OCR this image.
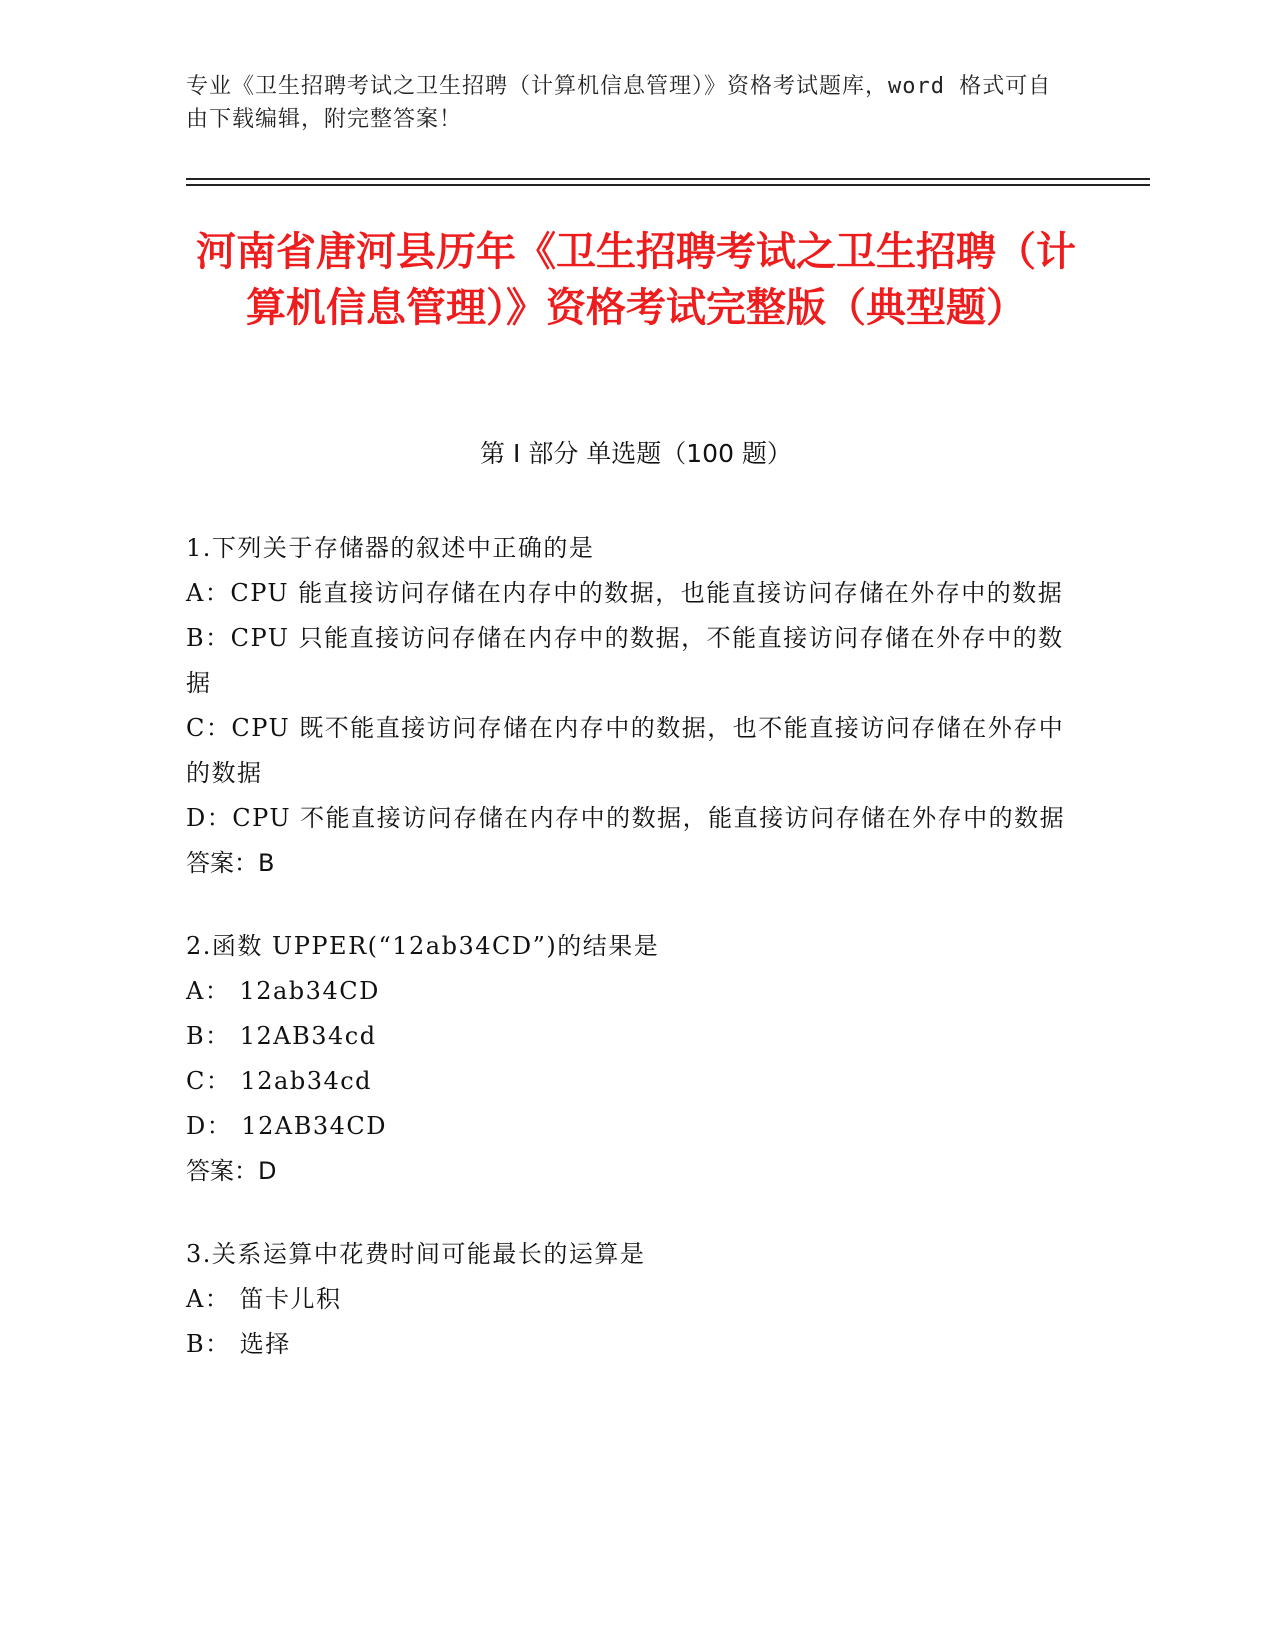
专业《卫生招聘考试之卫生招聘（计算机信息管理）》资格考试题库，word 格式可自由下载编辑，附完整答案！
河南省唐河县历年《卫生招聘考试之卫生招聘（计算机信息管理）》资格考试完整版（典型题）
第 I 部分 单选题（100 题）

1.下列关于存储器的叙述中正确的是

A：CPU 能直接访问存储在内存中的数据，也能直接访问存储在外存中的数据

B：CPU 只能直接访问存储在内存中的数据，不能直接访问存储在外存中的数据

C：CPU 既不能直接访问存储在内存中的数据，也不能直接访问存储在外存中的数据

D：CPU 不能直接访问存储在内存中的数据，能直接访问存储在外存中的数据

答案：B

2.函数 UPPER(“12ab34CD”)的结果是

A： 12ab34CD

B： 12AB34cd

C： 12ab34cd

D： 12AB34CD

答案：D

3.关系运算中花费时间可能最长的运算是

A： 笛卡儿积

B： 选择
